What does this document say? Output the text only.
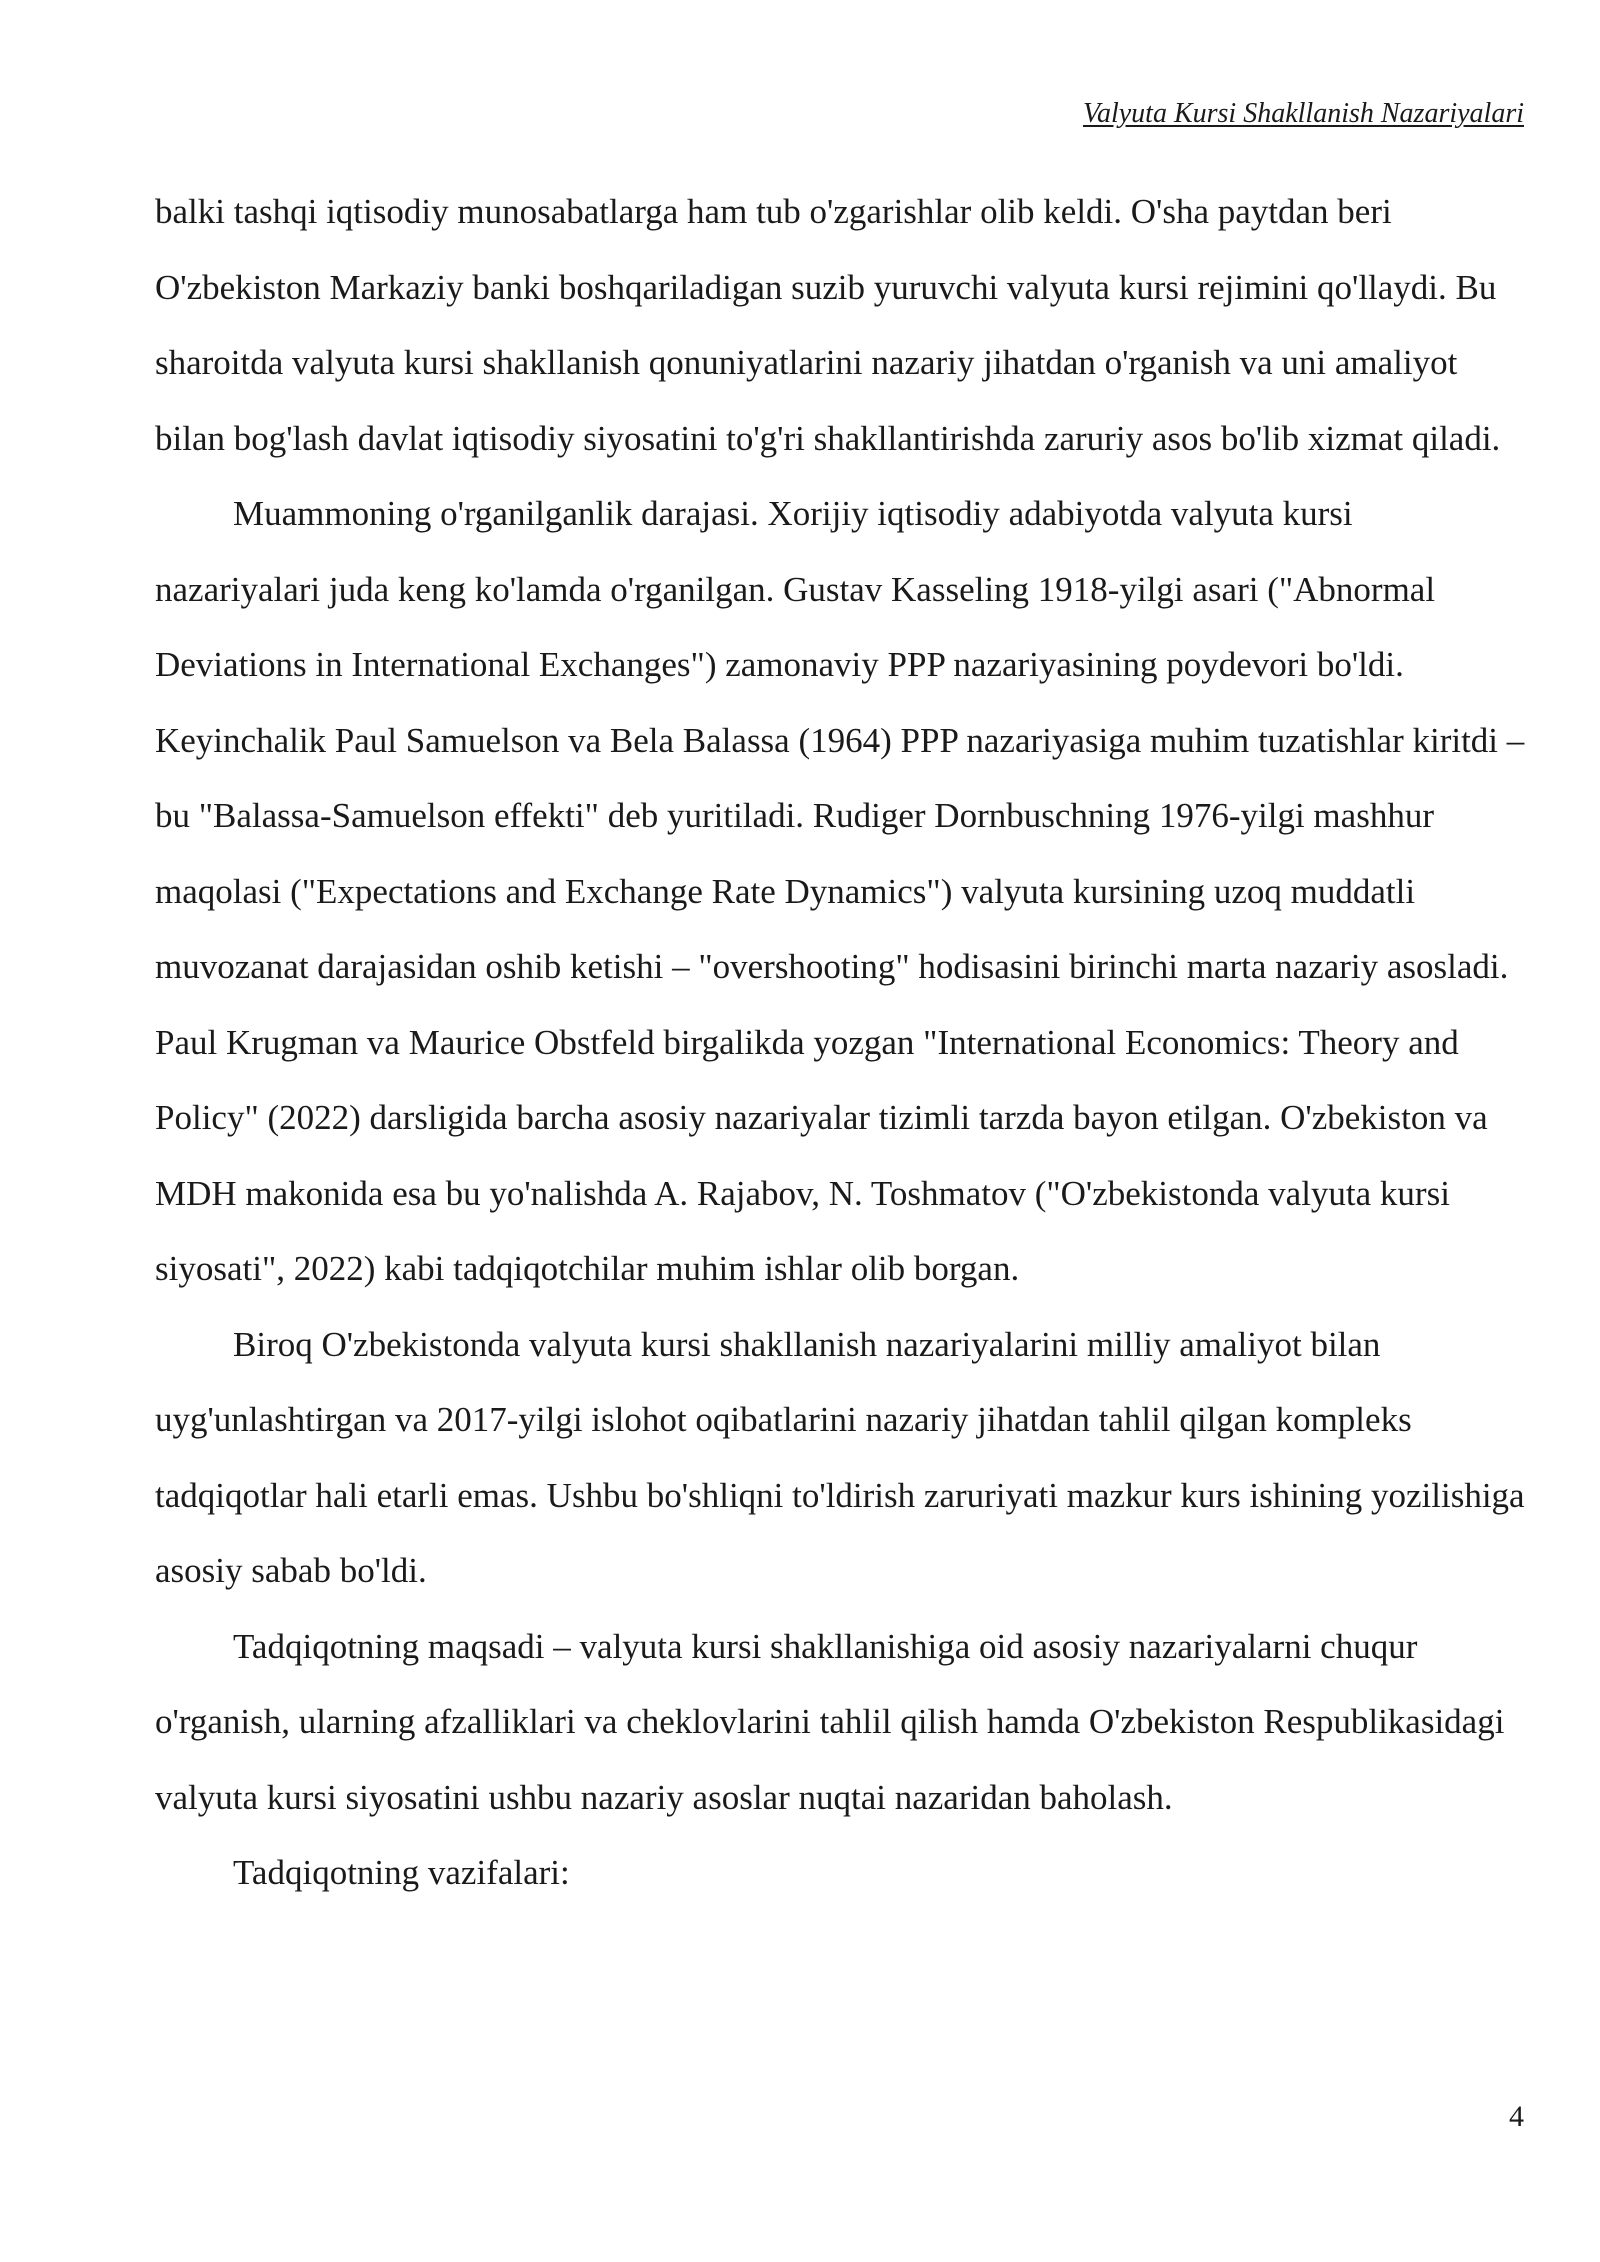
Valyuta Kursi Shakllanish Nazariyalari

balki tashqi iqtisodiy munosabatlarga ham tub o'zgarishlar olib keldi. O'sha paytdan beri O'zbekiston Markaziy banki boshqariladigan suzib yuruvchi valyuta kursi rejimini qo'llaydi. Bu sharoitda valyuta kursi shakllanish qonuniyatlarini nazariy jihatdan o'rganish va uni amaliyot bilan bog'lash davlat iqtisodiy siyosatini to'g'ri shakllantirishda zaruriy asos bo'lib xizmat qiladi.

Muammoning o'rganilganlik darajasi. Xorijiy iqtisodiy adabiyotda valyuta kursi nazariyalari juda keng ko'lamda o'rganilgan. Gustav Kasseling 1918-yilgi asari ("Abnormal Deviations in International Exchanges") zamonaviy PPP nazariyasining poydevori bo'ldi. Keyinchalik Paul Samuelson va Bela Balassa (1964) PPP nazariyasiga muhim tuzatishlar kiritdi – bu "Balassa-Samuelson effekti" deb yuritiladi. Rudiger Dornbuschning 1976-yilgi mashhur maqolasi ("Expectations and Exchange Rate Dynamics") valyuta kursining uzoq muddatli muvozanat darajasidan oshib ketishi – "overshooting" hodisasini birinchi marta nazariy asosladi. Paul Krugman va Maurice Obstfeld birgalikda yozgan "International Economics: Theory and Policy" (2022) darsligida barcha asosiy nazariyalar tizimli tarzda bayon etilgan. O'zbekiston va MDH makonida esa bu yo'nalishda A. Rajabov, N. Toshmatov ("O'zbekistonda valyuta kursi siyosati", 2022) kabi tadqiqotchilar muhim ishlar olib borgan.

Biroq O'zbekistonda valyuta kursi shakllanish nazariyalarini milliy amaliyot bilan uyg'unlashtirgan va 2017-yilgi islohot oqibatlarini nazariy jihatdan tahlil qilgan kompleks tadqiqotlar hali etarli emas. Ushbu bo'shliqni to'ldirish zaruriyati mazkur kurs ishining yozilishiga asosiy sabab bo'ldi.

Tadqiqotning maqsadi – valyuta kursi shakllanishiga oid asosiy nazariyalarni chuqur o'rganish, ularning afzalliklari va cheklovlarini tahlil qilish hamda O'zbekiston Respublikasidagi valyuta kursi siyosatini ushbu nazariy asoslar nuqtai nazaridan baholash.

Tadqiqotning vazifalari:

4
